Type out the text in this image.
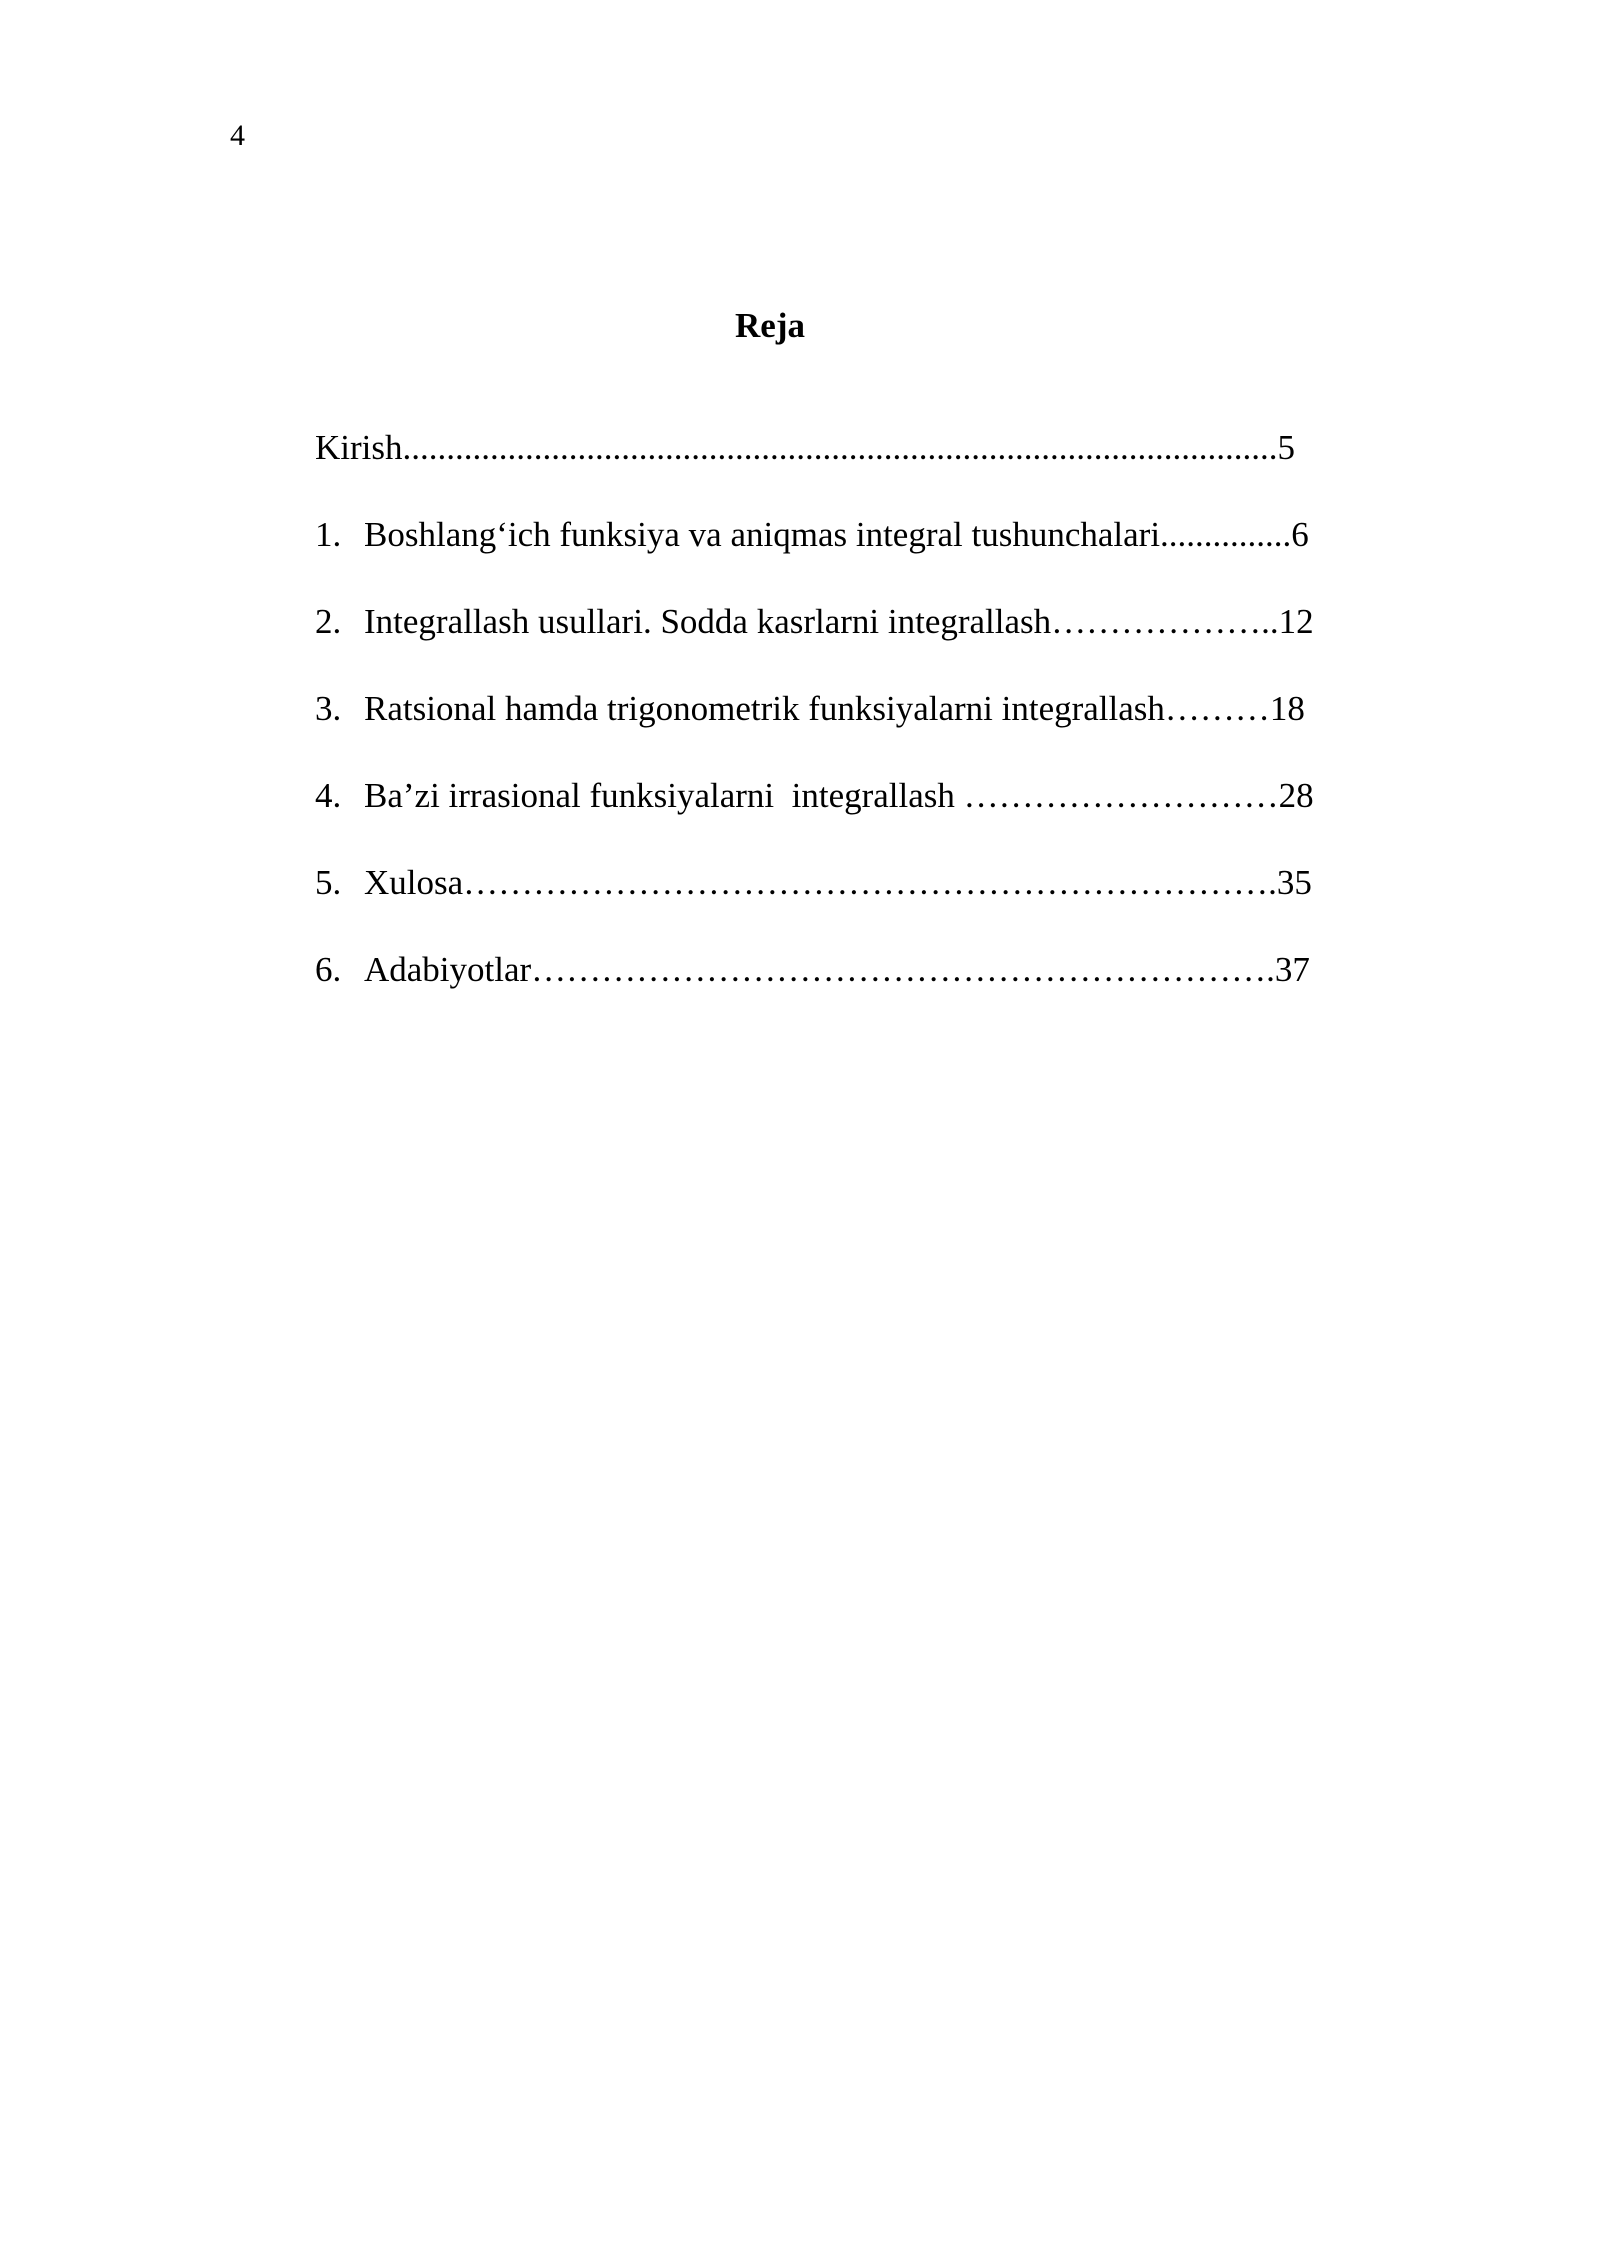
4
Reja

Kirish....................................................................................................5

1. Boshlang‘ich funksiya va aniqmas integral tushunchalari...............6

2. Integrallash usullari. Sodda kasrlarni integrallash………………..12

3. Ratsional hamda trigonometrik funksiyalarni integrallash………18

4. Ba’zi irrasional funksiyalarni  integrallash ………………………28

5. Xulosa…………………………………………………………….35

6. Adabiyotlar……………………………………………………….37
